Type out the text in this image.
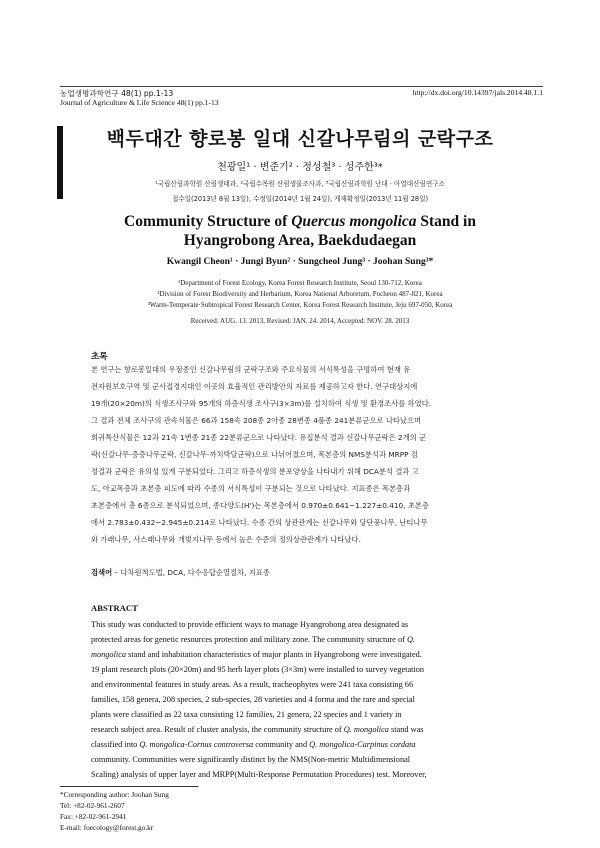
농업생명과학연구 48(1) pp.1-13	http://dx.doi.org/10.14397/jals.2014.48.1.1
Journal of Agriculture & Life Science 48(1) pp.1-13
백두대간 향로봉 일대 신갈나무림의 군락구조
천광일¹ · 변준기² · 정성철³ · 성주한³*
¹국립산림과학원 산림생태과, ²국립수목원 산림생물조사과, ³국립산림과학원 난대 · 아열대산림연구소
접수일(2013년 8월 13일), 수정일(2014년 1월 24일), 게재확정일(2013년 11월 28일)
Community Structure of Quercus mongolica Stand in
Hyangrobong Area, Baekdudaegan
Kwangil Cheon¹ · Jungi Byun² · Sungcheol Jung³ · Joohan Sung³*
¹Department of Forest Ecology, Korea Forest Research Institute, Seoul 130-712, Korea
²Division of Forest Biodiversity and Herbarium, Korea National Arboretum, Pocheon 487-821, Korea
³Warm-Temperate·Subtropical Forest Research Center, Korea Forest Research Institute, Jeju 697-050, Korea
Received: AUG. 13. 2013, Revised: JAN. 24. 2014, Accepted: NOV. 28. 2013
초록
본 연구는 향로봉일대의 우점종인 신갈나무림의 군락구조와 주요식물의 서식특성을 구명하여 현재 유
전자원보호구역 및 군사접경지대인 이곳의 효율적인 관리방안의 자료를 제공하고자 한다. 연구대상지에
19개(20×20m)의 식생조사구와 95개의 하층식생 조사구(3×3m)를 설치하여 식생 및 환경조사를 하였다.
그 결과 전체 조사구의 관속식물은 66과 158속 208종 2아종 28변종 4품종 241분류군으로 나타났으며
희귀특산식물은 12과 21속 1변종 21종 22분류군으로 나타났다. 유집분석 결과 신갈나무군락은 2개의 군
락(신갈나무-층층나무군락, 신갈나무-까치박달군락)으로 나뉘어졌으며, 목본층의 NMS분석과 MRPP 검
정결과 군락은 유의성 있게 구분되었다. 그리고 하층식생의 분포양상을 나타내기 위해 DCA분석 결과 고
도, 아교목층과 초본층 피도에 따라 수종의 서식특성이 구분되는 것으로 나타났다. 지표종은 목본층과
초본층에서 총 6종으로 분석되었으며, 종다양도(H')는 목본층에서 0.970±0.641~1.227±0.410, 초본층
에서 2.783±0.432~2.945±0.214로 나타났다. 수종 간의 상관관계는 신갈나무와 당단풍나무, 난티나무
와 가래나무, 사스래나무와 개벚지나무 등에서 높은 수준의 정의상관관계가 나타났다.
검색어 – 다차원척도법, DCA, 다수응답순열절차, 지표종
ABSTRACT
This study was conducted to provide efficient ways to manage Hyangrobong area designated as
protected areas for genetic resources protection and military zone. The community structure of Q.
mongolica stand and inhabitation characteristics of major plants in Hyangrobong were investigated.
19 plant research plots (20×20m) and 95 herb layer plots (3×3m) were installed to survey vegetation
and environmental features in study areas. As a result, tracheophytes were 241 taxa consisting 66
families, 158 genera, 208 species, 2 sub-species, 28 varieties and 4 forma and the rare and special
plants were classified as 22 taxa consisting 12 families, 21 genera, 22 species and 1 variety in
research subject area. Result of cluster analysis, the community structure of Q. mongolica stand was
classified into Q. mongolica-Cornus controversa community and Q. mongolica-Carpinus cordata
community. Communities were significantly distinct by the NMS(Non-metric Multidimensional
Scaling) analysis of upper layer and MRPP(Multi-Response Permutation Procedures) test. Moreover,
*Corresponding author: Joohan Sung
Tel: +82-02-961-2607
Fax: +82-02-961-2941
E-mail: foecology@forest.go.kr
